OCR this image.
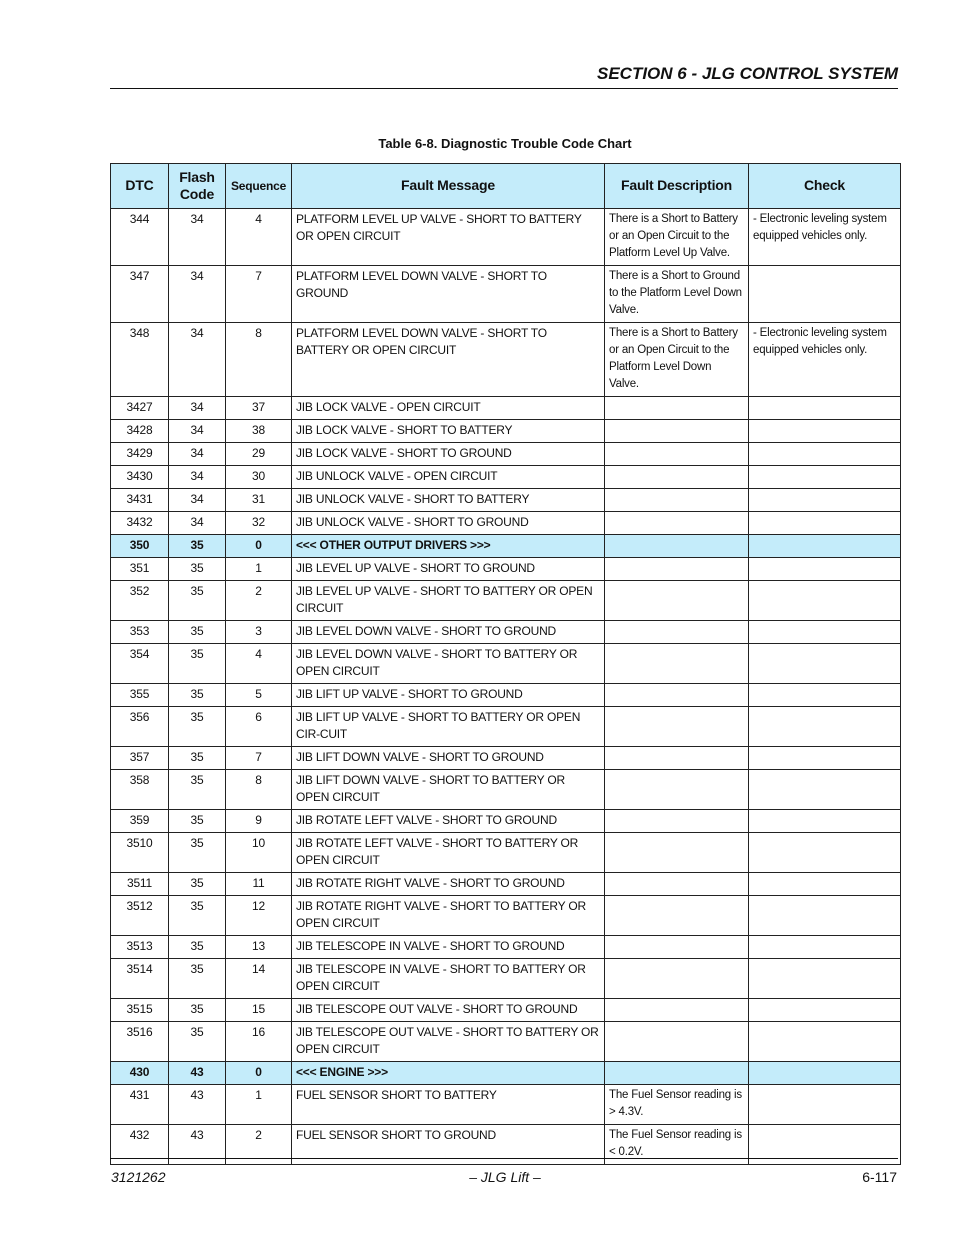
SECTION 6 - JLG CONTROL SYSTEM
Table 6-8. Diagnostic Trouble Code Chart
DTC	Flash Code	Sequence	Fault Message	Fault Description	Check
344	34	4	PLATFORM LEVEL UP VALVE - SHORT TO BATTERY OR OPEN CIRCUIT	There is a Short to Battery or an Open Circuit to the Platform Level Up Valve.	- Electronic leveling system equipped vehicles only.
347	34	7	PLATFORM LEVEL DOWN VALVE - SHORT TO GROUND	There is a Short to Ground to the Platform Level Down Valve.	
348	34	8	PLATFORM LEVEL DOWN VALVE - SHORT TO BATTERY OR OPEN CIRCUIT	There is a Short to Battery or an Open Circuit to the Platform Level Down Valve.	- Electronic leveling system equipped vehicles only.
3427	34	37	JIB LOCK VALVE - OPEN CIRCUIT		
3428	34	38	JIB LOCK VALVE - SHORT TO BATTERY		
3429	34	29	JIB LOCK VALVE - SHORT TO GROUND		
3430	34	30	JIB UNLOCK VALVE - OPEN CIRCUIT		
3431	34	31	JIB UNLOCK VALVE - SHORT TO BATTERY		
3432	34	32	JIB UNLOCK VALVE - SHORT TO GROUND		
350	35	0	<<< OTHER OUTPUT DRIVERS >>>		
351	35	1	JIB LEVEL UP VALVE - SHORT TO GROUND		
352	35	2	JIB LEVEL UP VALVE - SHORT TO BATTERY OR OPEN CIRCUIT		
353	35	3	JIB LEVEL DOWN VALVE - SHORT TO GROUND		
354	35	4	JIB LEVEL DOWN VALVE - SHORT TO BATTERY OR OPEN CIRCUIT		
355	35	5	JIB LIFT UP VALVE - SHORT TO GROUND		
356	35	6	JIB LIFT UP VALVE - SHORT TO BATTERY OR OPEN CIR-CUIT		
357	35	7	JIB LIFT DOWN VALVE - SHORT TO GROUND		
358	35	8	JIB LIFT DOWN VALVE - SHORT TO BATTERY OR OPEN CIRCUIT		
359	35	9	JIB ROTATE LEFT VALVE - SHORT TO GROUND		
3510	35	10	JIB ROTATE LEFT VALVE - SHORT TO BATTERY OR OPEN CIRCUIT		
3511	35	11	JIB ROTATE RIGHT VALVE - SHORT TO GROUND		
3512	35	12	JIB ROTATE RIGHT VALVE - SHORT TO BATTERY OR OPEN CIRCUIT		
3513	35	13	JIB TELESCOPE IN VALVE - SHORT TO GROUND		
3514	35	14	JIB TELESCOPE IN VALVE - SHORT TO BATTERY OR OPEN CIRCUIT		
3515	35	15	JIB TELESCOPE OUT VALVE - SHORT TO GROUND		
3516	35	16	JIB TELESCOPE OUT VALVE - SHORT TO BATTERY OR OPEN CIRCUIT		
430	43	0	<<< ENGINE >>>		
431	43	1	FUEL SENSOR SHORT TO BATTERY	The Fuel Sensor reading is > 4.3V.	
432	43	2	FUEL SENSOR SHORT TO GROUND	The Fuel Sensor reading is < 0.2V.	
3121262	– JLG Lift –	6-117
